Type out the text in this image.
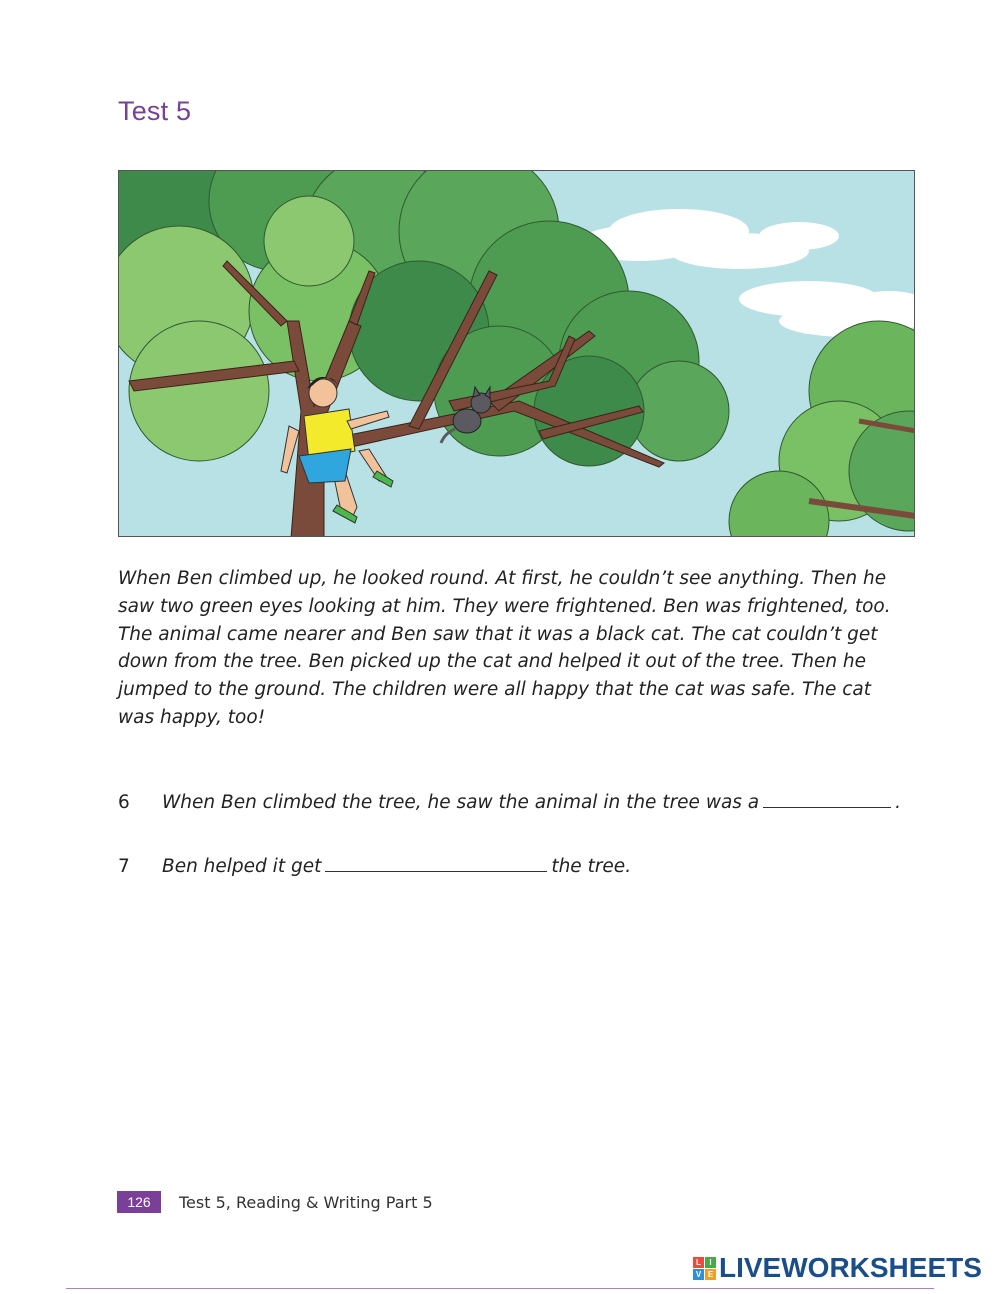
Test 5
When Ben climbed up, he looked round. At first, he couldn’t see anything. Then he
saw two green eyes looking at him. They were frightened. Ben was frightened, too.
The animal came nearer and Ben saw that it was a black cat. The cat couldn’t get
down from the tree. Ben picked up the cat and helped it out of the tree. Then he
jumped to the ground. The children were all happy that the cat was safe. The cat
was happy, too!
6 When Ben climbed the tree, he saw the animal in the tree was a	.
7 Ben helped it get	the tree.
126	Test 5, Reading & Writing Part 5
L	I
V E LIVEWORKSHEETS
